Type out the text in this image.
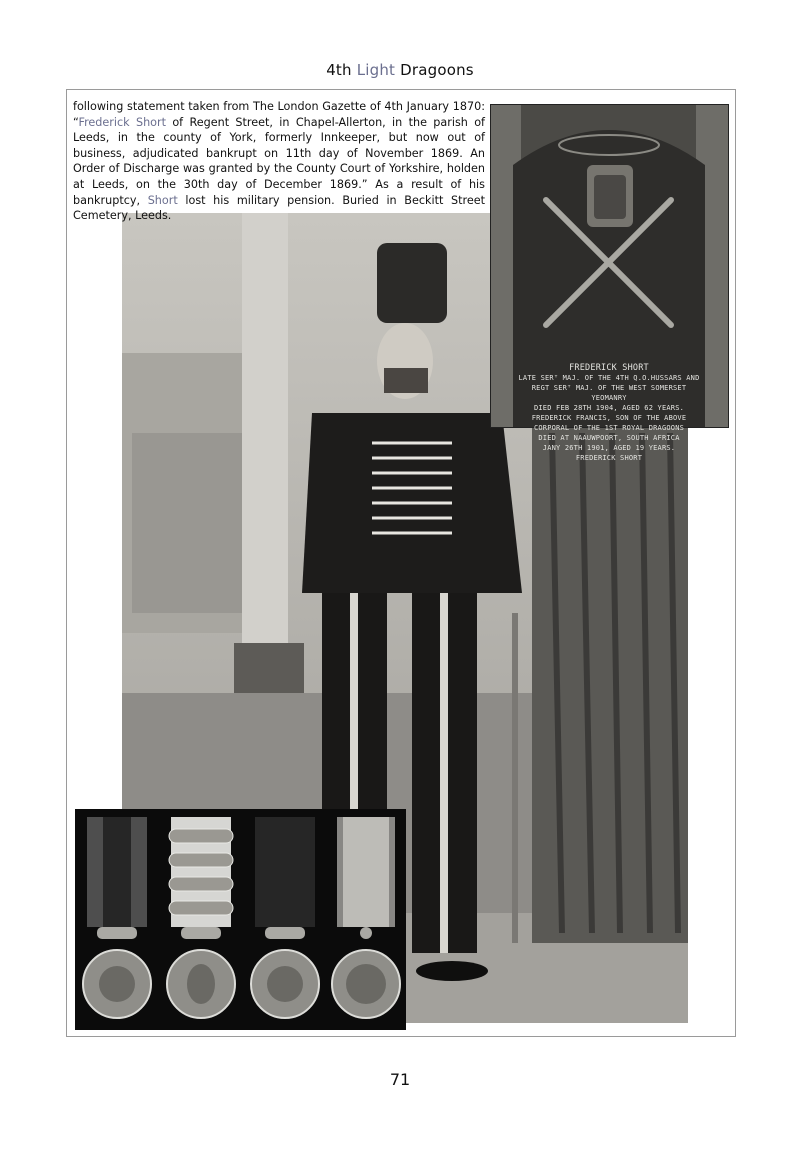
4th Light Dragoons

following statement taken from The London Gazette of 4th January 1870: “Frederick Short of Regent Street, in Chapel-Allerton, in the parish of Leeds, in the county of York, formerly Innkeeper, but now out of business, adjudicated bankrupt on 11th day of November 1869. An Order of Discharge was granted by the County Court of Yorkshire, holden at Leeds, on the 30th day of December 1869.” As a result of his bankruptcy, Short lost his military pension. Buried in Beckitt Street Cemetery, Leeds.

FREDERICK SHORT
LATE SERᵀ MAJ. OF THE 4TH Q.O.HUSSARS AND
REGT SERᵀ MAJ. OF THE WEST SOMERSET YEOMANRY
DIED FEB 28TH 1904, AGED 62 YEARS.
FREDERICK FRANCIS, SON OF THE ABOVE
CORPORAL OF THE 1ST ROYAL DRAGOONS
DIED AT NAAUWPOORT, SOUTH AFRICA
JANY 26TH 1901, AGED 19 YEARS.
FREDERICK SHORT
71
